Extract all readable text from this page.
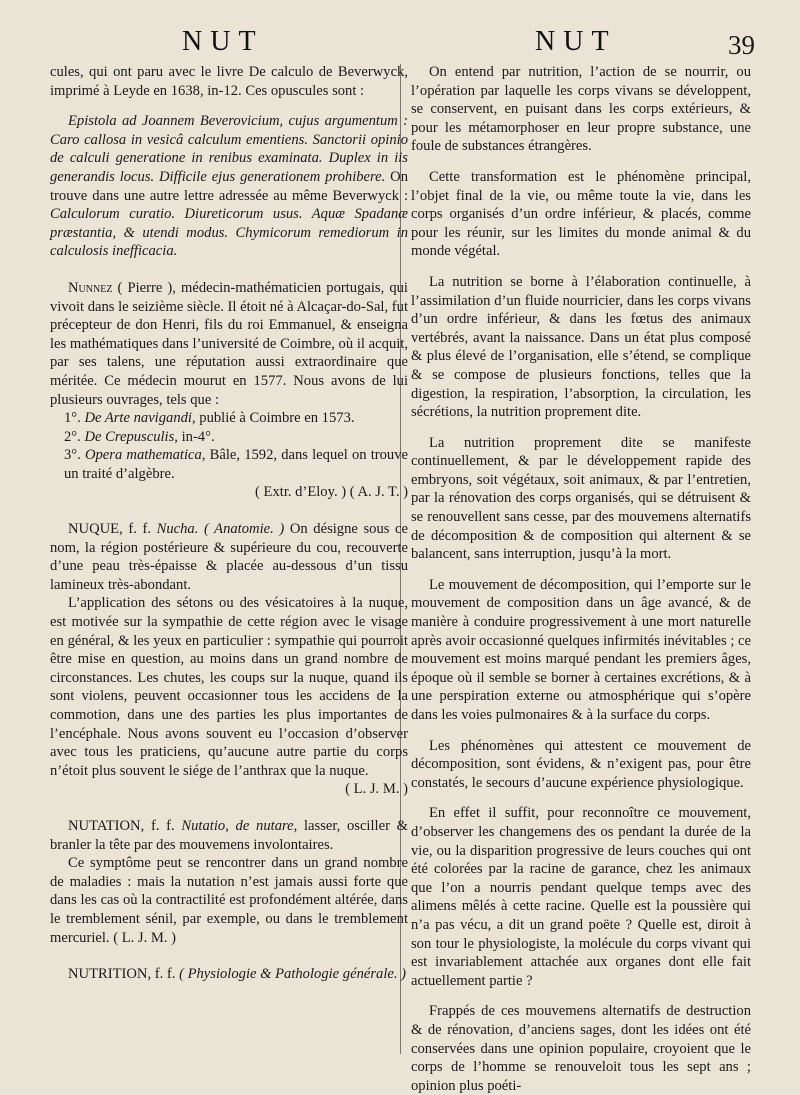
NUT	NUT	39

cules, qui ont paru avec le livre De calculo de Beverwyck, imprimé à Leyde en 1638, in-12. Ces opuscules sont :

Epistola ad Joannem Beverovicium, cujus argumentum : Caro callosa in vesicâ calculum ementiens. Sanctorii opinio de calculi generatione in renibus examinata. Duplex in iis generandis locus. Difficile ejus generationem prohibere. On trouve dans une autre lettre adressée au même Beverwyck : Calculorum curatio. Diureticorum usus. Aquæ Spadanæ præstantia, & utendi modus. Chymicorum remediorum in calculosis inefficacia.

Nunnez ( Pierre ), médecin-mathématicien portugais, qui vivoit dans le seizième siècle. Il étoit né à Alcaçar-do-Sal, fut précepteur de don Henri, fils du roi Emmanuel, & enseigna les mathématiques dans l’université de Coimbre, où il acquit, par ses talens, une réputation aussi extraordinaire que méritée. Ce médecin mourut en 1577. Nous avons de lui plusieurs ouvrages, tels que :

1°. De Arte navigandi, publié à Coimbre en 1573.

2°. De Crepusculis, in-4°.

3°. Opera mathematica, Bâle, 1592, dans lequel on trouve un traité d’algèbre.

( Extr. d’Eloy. ) ( A. J. T. )

NUQUE, f. f. Nucha. ( Anatomie. ) On désigne sous ce nom, la région postérieure & supérieure du cou, recouverte d’une peau très-épaisse & placée au-dessous d’un tissu lamineux très-abondant.

L’application des sétons ou des vésicatoires à la nuque, est motivée sur la sympathie de cette région avec le visage en général, & les yeux en particulier : sympathie qui pourroit être mise en question, au moins dans un grand nombre de circonstances. Les chutes, les coups sur la nuque, quand ils sont violens, peuvent occasionner tous les accidens de la commotion, dans une des parties les plus importantes de l’encéphale. Nous avons souvent eu l’occasion d’observer avec tous les praticiens, qu’aucune autre partie du corps n’étoit plus souvent le siége de l’anthrax que la nuque.

( L. J. M. )

NUTATION, f. f. Nutatio, de nutare, lasser, osciller & branler la tête par des mouvemens involontaires.

Ce symptôme peut se rencontrer dans un grand nombre de maladies : mais la nutation n’est jamais aussi forte que dans les cas où la contractilité est profondément altérée, dans le tremblement sénil, par exemple, ou dans le tremblement mercuriel. ( L. J. M. )

NUTRITION, f. f. ( Physiologie & Pathologie générale. )

On entend par nutrition, l’action de se nourrir, ou l’opération par laquelle les corps vivans se développent, se conservent, en puisant dans les corps extérieurs, & pour les métamorphoser en leur propre substance, une foule de substances étrangères.

Cette transformation est le phénomène principal, l’objet final de la vie, ou même toute la vie, dans les corps organisés d’un ordre inférieur, & placés, comme pour les réunir, sur les limites du monde animal & du monde végétal.

La nutrition se borne à l’élaboration continuelle, à l’assimilation d’un fluide nourricier, dans les corps vivans d’un ordre inférieur, & dans les fœtus des animaux vertébrés, avant la naissance. Dans un état plus composé & plus élevé de l’organisation, elle s’étend, se complique & se compose de plusieurs fonctions, telles que la digestion, la respiration, l’absorption, la circulation, les sécrétions, la nutrition proprement dite.

La nutrition proprement dite se manifeste continuellement, & par le développement rapide des embryons, soit végétaux, soit animaux, & par l’entretien, par la rénovation des corps organisés, qui se détruisent & se renouvellent sans cesse, par des mouvemens alternatifs de décomposition & de composition qui alternent & se balancent, sans interruption, jusqu’à la mort.

Le mouvement de décomposition, qui l’emporte sur le mouvement de composition dans un âge avancé, & de manière à conduire progressivement à une mort naturelle après avoir occasionné quelques infirmités inévitables ; ce mouvement est moins marqué pendant les premiers âges, époque où il semble se borner à certaines excrétions, & à une perspiration externe ou atmosphérique qui s’opère dans les voies pulmonaires & à la surface du corps.

Les phénomènes qui attestent ce mouvement de décomposition, sont évidens, & n’exigent pas, pour être constatés, le secours d’aucune expérience physiologique.

En effet il suffit, pour reconnoître ce mouvement, d’observer les changemens des os pendant la durée de la vie, ou la disparition progressive de leurs couches qui ont été colorées par la racine de garance, chez les animaux que l’on a nourris pendant quelque temps avec des alimens mêlés à cette racine. Quelle est la poussière qui n’a pas vécu, a dit un grand poëte ? Quelle est, diroit à son tour le physiologiste, la molécule du corps vivant qui est invariablement attachée aux organes dont elle fait actuellement partie ?

Frappés de ces mouvemens alternatifs de destruction & de rénovation, d’anciens sages, dont les idées ont été conservées dans une opinion populaire, croyoient que le corps de l’homme se renouveloit tous les sept ans ; opinion plus poéti-
